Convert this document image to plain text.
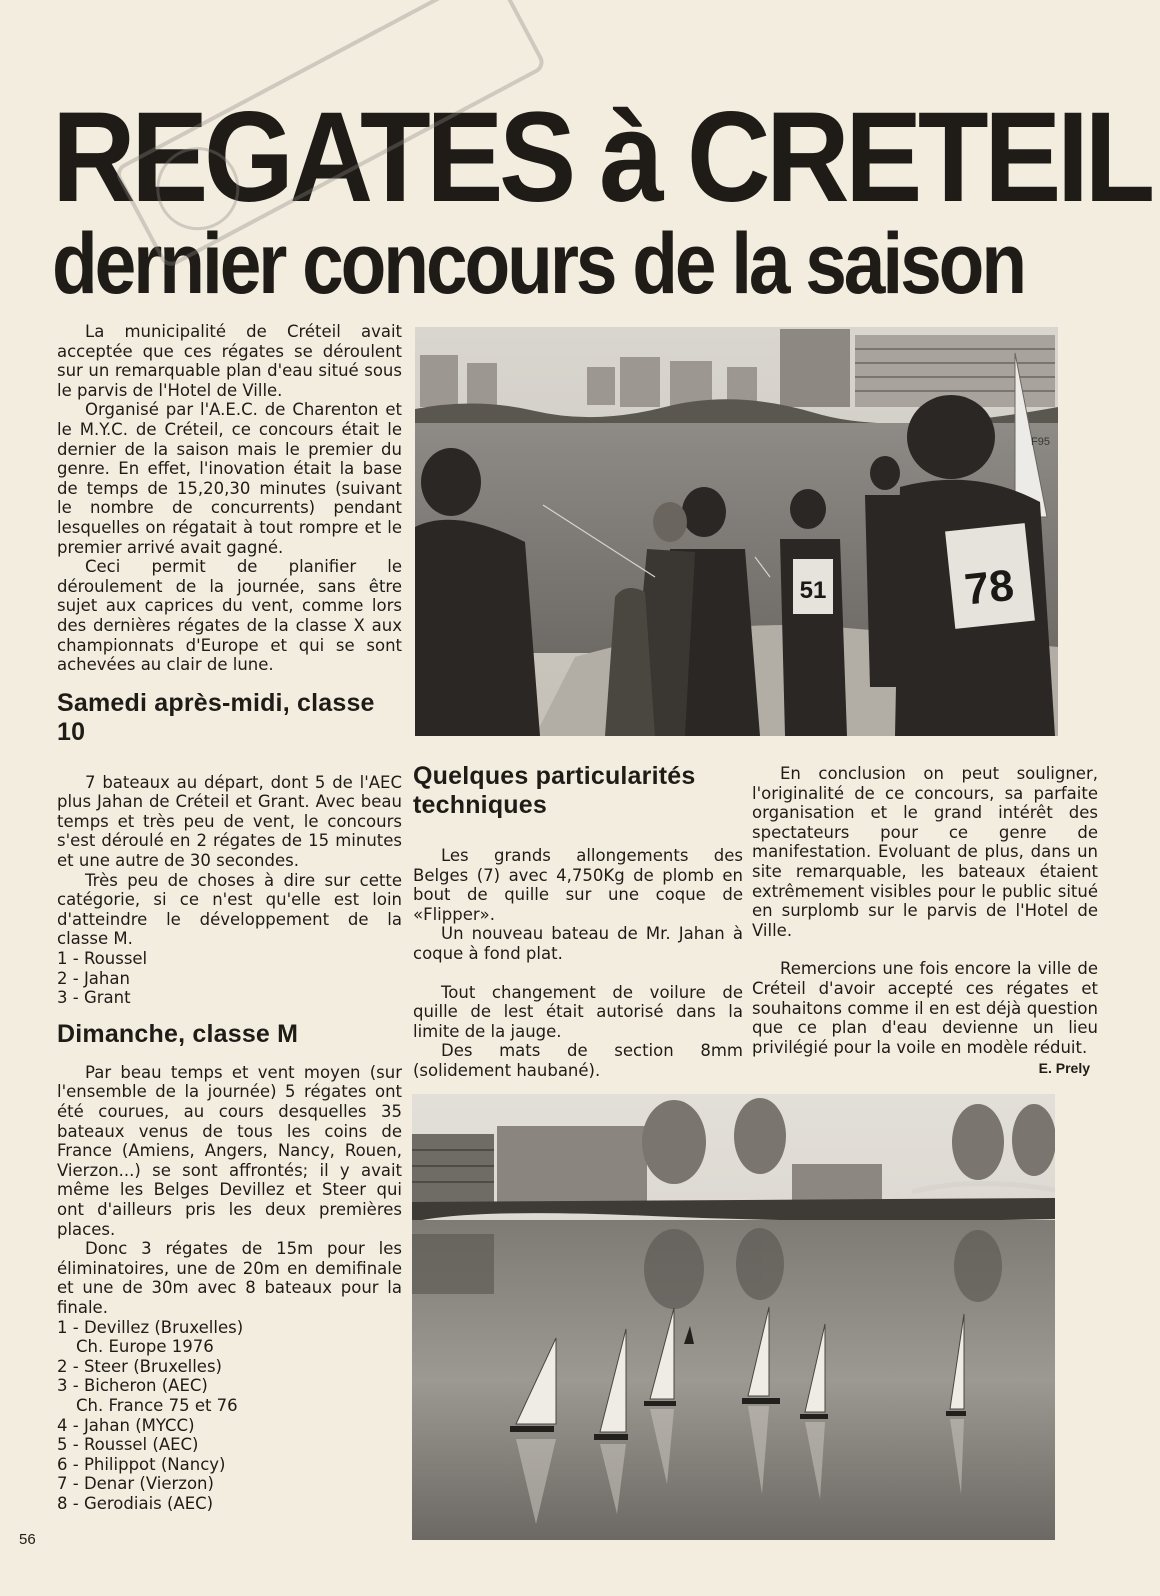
REGATES à CRETEIL
dernier concours de la saison

La municipalité de Créteil avait acceptée que ces régates se déroulent sur un remarquable plan d'eau situé sous le parvis de l'Hotel de Ville.

Organisé par l'A.E.C. de Charenton et le M.Y.C. de Créteil, ce concours était le dernier de la saison mais le premier du genre. En effet, l'inovation était la base de temps de 15,20,30 minutes (suivant le nombre de concurrents) pendant lesquelles on régatait à tout rompre et le premier arrivé avait gagné.

Ceci permit de planifier le déroulement de la journée, sans être sujet aux caprices du vent, comme lors des dernières régates de la classe X aux championnats d'Europe et qui se sont achevées au clair de lune.

Samedi après-midi, classe 10

7 bateaux au départ, dont 5 de l'AEC plus Jahan de Créteil et Grant. Avec beau temps et très peu de vent, le concours s'est déroulé en 2 régates de 15 minutes et une autre de 30 secondes.

Très peu de choses à dire sur cette catégorie, si ce n'est qu'elle est loin d'atteindre le développement de la classe M.

1 - Roussel
2 - Jahan
3 - Grant
Dimanche, classe M

Par beau temps et vent moyen (sur l'ensemble de la journée) 5 régates ont été courues, au cours desquelles 35 bateaux venus de tous les coins de France (Amiens, Angers, Nancy, Rouen, Vierzon...) se sont affrontés; il y avait même les Belges Devillez et Steer qui ont d'ailleurs pris les deux premières places.

Donc 3 régates de 15m pour les éliminatoires, une de 20m en demifinale et une de 30m avec 8 bateaux pour la finale.

1 - Devillez (Bruxelles)
Ch. Europe 1976
2 - Steer (Bruxelles)
3 - Bicheron (AEC)
Ch. France 75 et 76
4 - Jahan (MYCC)
5 - Roussel (AEC)
6 - Philippot (Nancy)
7 - Denar (Vierzon)
8 - Gerodiais (AEC)
Quelques particularités techniques

Les grands allongements des Belges (7) avec 4,750Kg de plomb en bout de quille sur une coque de «Flipper».

Un nouveau bateau de Mr. Jahan à coque à fond plat.

Tout changement de voilure de quille de lest était autorisé dans la limite de la jauge.

Des mats de section 8mm (solidement haubané).

En conclusion on peut souligner, l'originalité de ce concours, sa parfaite organisation et le grand intérêt des spectateurs pour ce genre de manifestation. Evoluant de plus, dans un site remarquable, les bateaux étaient extrêmement visibles pour le public situé en surplomb sur le parvis de l'Hotel de Ville.

Remercions une fois encore la ville de Créteil d'avoir accepté ces régates et souhaitons comme il en est déjà question que ce plan d'eau devienne un lieu privilégié pour la voile en modèle réduit.

E. Prely
51	78
F95
56
